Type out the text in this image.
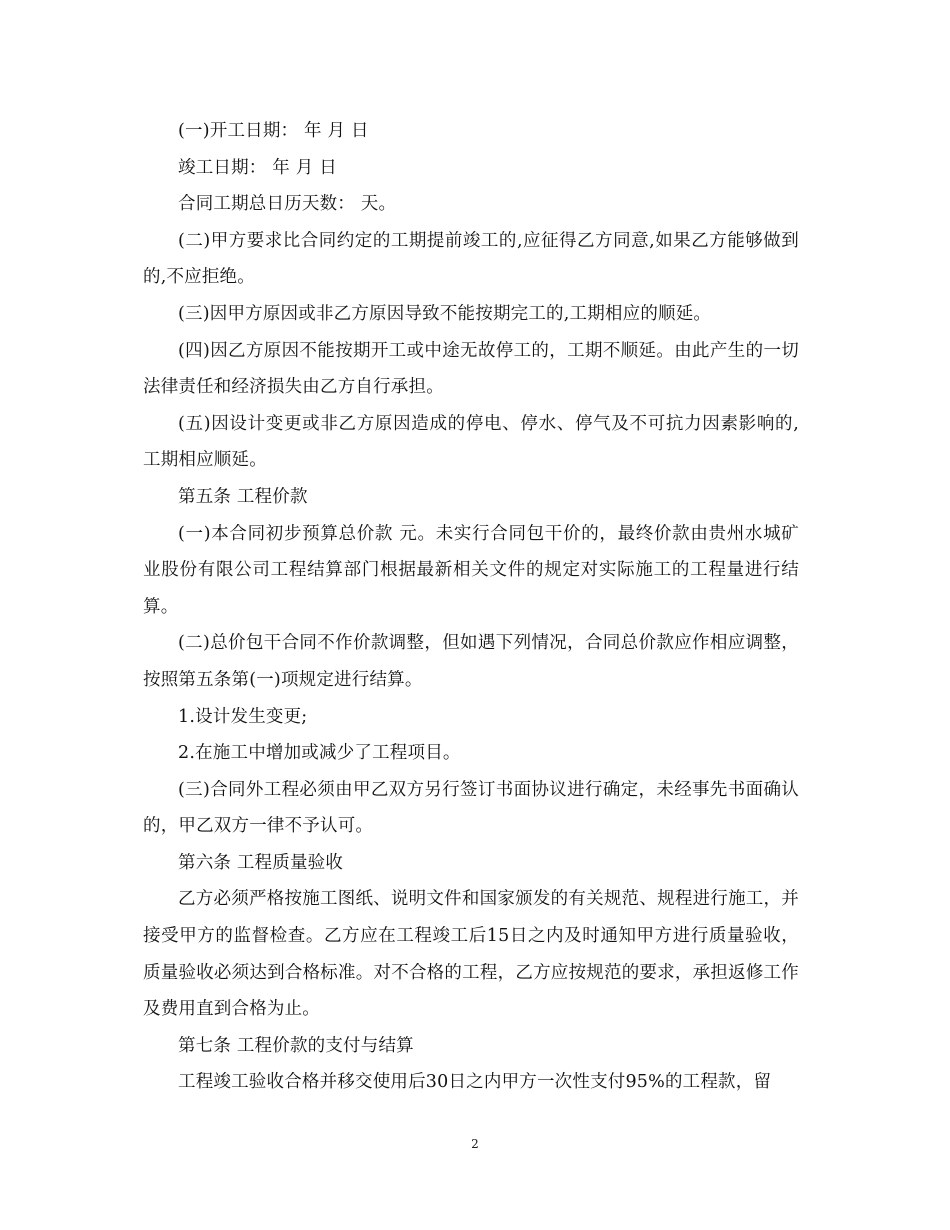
(一)开工日期： 年 月 日

竣工日期： 年 月 日

合同工期总日历天数： 天。

(二)甲方要求比合同约定的工期提前竣工的,应征得乙方同意,如果乙方能够做到的,不应拒绝。

(三)因甲方原因或非乙方原因导致不能按期完工的,工期相应的顺延。

(四)因乙方原因不能按期开工或中途无故停工的，工期不顺延。由此产生的一切法律责任和经济损失由乙方自行承担。

(五)因设计变更或非乙方原因造成的停电、停水、停气及不可抗力因素影响的,工期相应顺延。

第五条 工程价款

(一)本合同初步预算总价款 元。未实行合同包干价的，最终价款由贵州水城矿业股份有限公司工程结算部门根据最新相关文件的规定对实际施工的工程量进行结算。

(二)总价包干合同不作价款调整，但如遇下列情况，合同总价款应作相应调整，按照第五条第(一)项规定进行结算。

1.设计发生变更;

2.在施工中增加或减少了工程项目。

(三)合同外工程必须由甲乙双方另行签订书面协议进行确定，未经事先书面确认的，甲乙双方一律不予认可。

第六条 工程质量验收

乙方必须严格按施工图纸、说明文件和国家颁发的有关规范、规程进行施工，并接受甲方的监督检查。乙方应在工程竣工后15日之内及时通知甲方进行质量验收，质量验收必须达到合格标准。对不合格的工程，乙方应按规范的要求，承担返修工作及费用直到合格为止。

第七条 工程价款的支付与结算

工程竣工验收合格并移交使用后30日之内甲方一次性支付95%的工程款，留

2
